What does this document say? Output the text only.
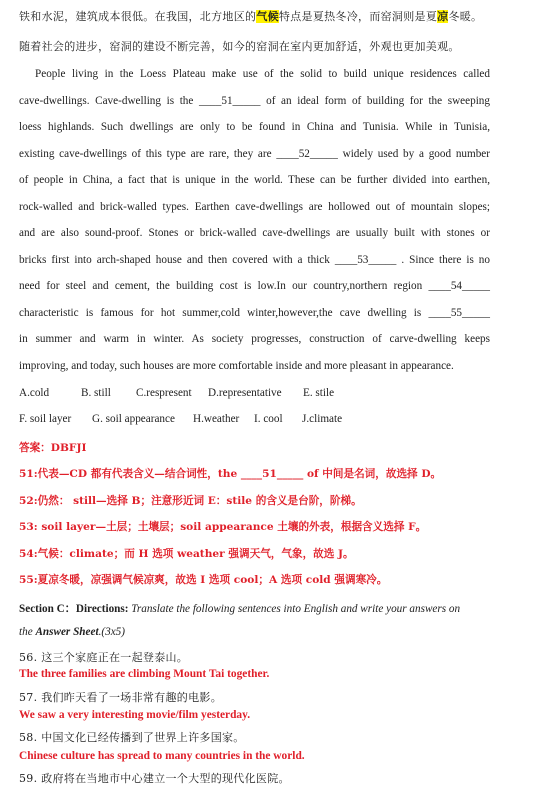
铁和水泥，建筑成本很低。在我国，北方地区的气候特点是夏热冬冷，而窑洞则是夏凉冬暖。
随着社会的进步，窑洞的建设不断完善，如今的窑洞在室内更加舒适，外观也更加美观。
People living in the Loess Plateau make use of the solid to build unique residences called
cave-dwellings. Cave-dwelling is the ____51_____ of an ideal form of building for the sweeping
loess highlands. Such dwellings are only to be found in China and Tunisia. While in Tunisia,
existing cave-dwellings of this type are rare, they are ____52_____ widely used by a good number
of people in China, a fact that is unique in the world. These can be further divided into earthen,
rock-walled and brick-walled types. Earthen cave-dwellings are hollowed out of mountain slopes;
and are also sound-proof. Stones or brick-walled cave-dwellings are usually built with stones or
bricks first into arch-shaped house and then covered with a thick ____53_____ . Since there is no
need for steel and cement, the building cost is low.In our country,northern region ____54_____
characteristic is famous for hot summer,cold winter,however,the cave dwelling is ____55_____
in summer and warm in winter. As society progresses, construction of carve-dwelling keeps
improving, and today, such houses are more comfortable inside and more pleasant in appearance.
A.cold	B. still C.respresent D.representative E. stile
F. soil layer G. soil appearance H.weather I. cool J.climate
答案：DBFJI
51:代表—CD 都有代表含义—结合词性，the ____51_____ of 中间是名词，故选择 D。
52:仍然： still—选择 B；注意形近词 E：stile 的含义是台阶，阶梯。
53: soil layer—土层；土壤层；soil appearance 土壤的外表，根据含义选择 F。
54:气候：climate；而 H 选项 weather 强调天气，气象，故选 J。
55:夏凉冬暖，凉强调气候凉爽，故选 I 选项 cool；A 选项 cold 强调寒冷。
Section C：Directions: Translate the following sentences into English and write your answers on
the Answer Sheet.(3x5)
56. 这三个家庭正在一起登泰山。
The three families are climbing Mount Tai together.
57. 我们昨天看了一场非常有趣的电影。
We saw a very interesting movie/film yesterday.
58. 中国文化已经传播到了世界上许多国家。
Chinese culture has spread to many countries in the world.
59. 政府将在当地市中心建立一个大型的现代化医院。
